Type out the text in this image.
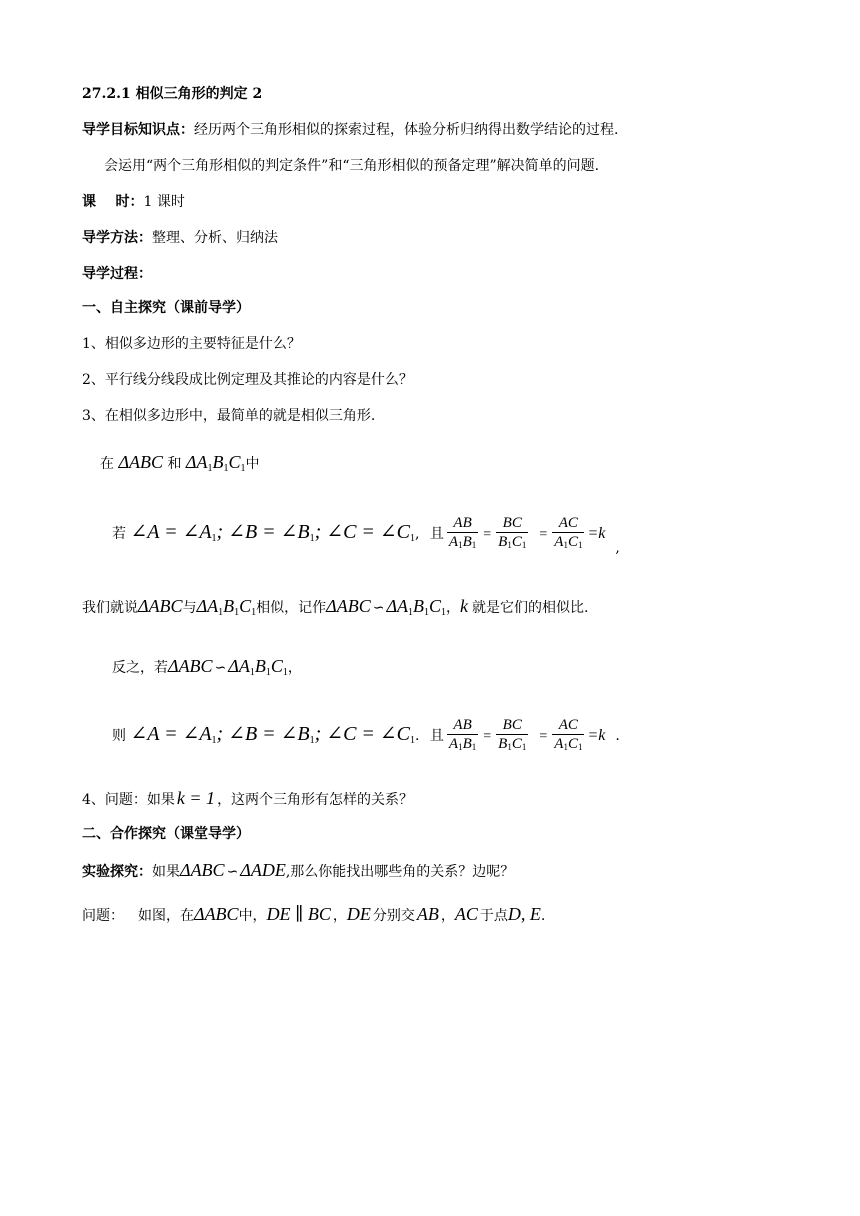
27.2.1 相似三角形的判定 2
导学目标知识点：经历两个三角形相似的探索过程，体验分析归纳得出数学结论的过程.
会运用“两个三角形相似的判定条件”和“三角形相似的预备定理”解决简单的问题.
课    时：1 课时
导学方法：整理、分析、归纳法
导学过程：
一、自主探究（课前导学）
1、相似多边形的主要特征是什么？
2、平行线分线段成比例定理及其推论的内容是什么？
3、在相似多边形中，最简单的就是相似三角形.
在 ΔABC 和 $\Delta A_1B_1C_1$中
若 ∠A = $\angle A_1$; ∠B = $\angle B_1$; ∠C = $\angle C_1$, 且 $\frac{AB}{A_1B_1} = \frac{BC}{B_1C_1} = \frac{AC}{A_1C_1} =k$,
我们就说ΔABC与$\Delta A_1B_1C_1$相似，记作ΔABC ∽ $\Delta A_1B_1C_1$，k 就是它们的相似比.
反之，若ΔABC ∽ $\Delta A_1B_1C_1$，
则 ∠A = $\angle A_1$; ∠B = $\angle B_1$; ∠C = $\angle C_1$. 且 $\frac{AB}{A_1B_1} = \frac{BC}{B_1C_1} = \frac{AC}{A_1C_1} =k$ .
4、问题：如果 k = 1 ，这两个三角形有怎样的关系？
二、合作探究（课堂导学）
实验探究：如果ΔABC ∽ ΔADE,那么你能找出哪些角的关系？边呢？
问题： 如图，在ΔABC中，DE ∥ BC ，DE 分别交 AB ，AC 于点D, E.
